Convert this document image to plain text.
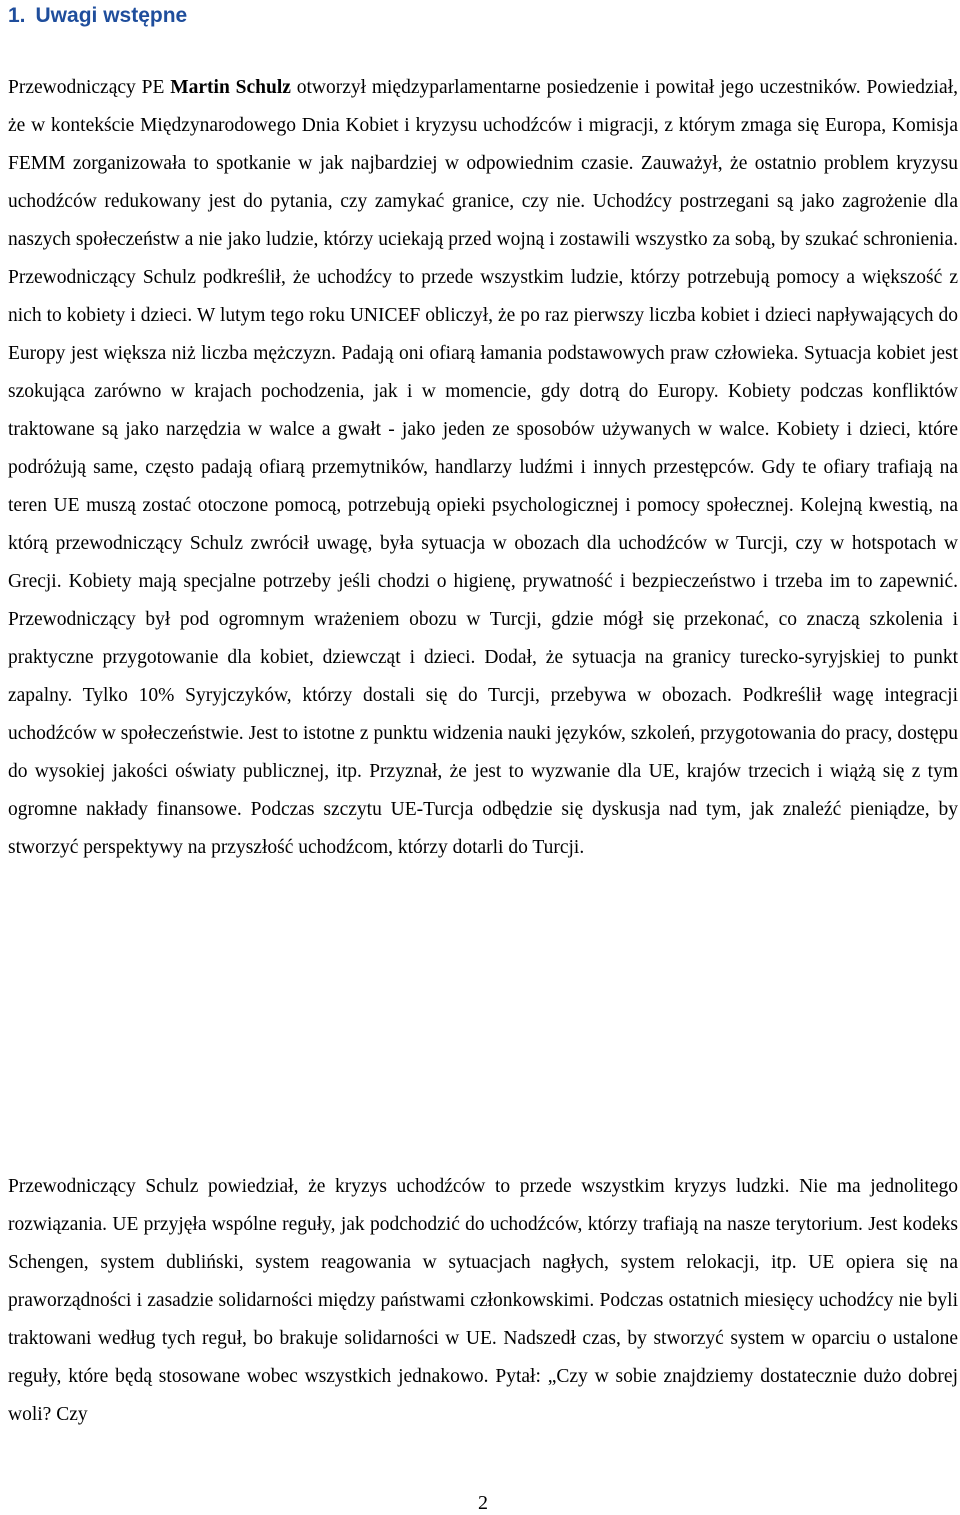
1. Uwagi wstępne

Przewodniczący PE Martin Schulz otworzył międzyparlamentarne posiedzenie i powitał jego uczestników. Powiedział, że w kontekście Międzynarodowego Dnia Kobiet i kryzysu uchodźców i migracji, z którym zmaga się Europa, Komisja FEMM zorganizowała to spotkanie w jak najbardziej w odpowiednim czasie. Zauważył, że ostatnio problem kryzysu uchodźców redukowany jest do pytania, czy zamykać granice, czy nie. Uchodźcy postrzegani są jako zagrożenie dla naszych społeczeństw a nie jako ludzie, którzy uciekają przed wojną i zostawili wszystko za sobą, by szukać schronienia. Przewodniczący Schulz podkreślił, że uchodźcy to przede wszystkim ludzie, którzy potrzebują pomocy a większość z nich to kobiety i dzieci. W lutym tego roku UNICEF obliczył, że po raz pierwszy liczba kobiet i dzieci napływających do Europy jest większa niż liczba mężczyzn. Padają oni ofiarą łamania podstawowych praw człowieka. Sytuacja kobiet jest szokująca zarówno w krajach pochodzenia, jak i w momencie, gdy dotrą do Europy. Kobiety podczas konfliktów traktowane są jako narzędzia w walce a gwałt - jako jeden ze sposobów używanych w walce. Kobiety i dzieci, które podróżują same, często padają ofiarą przemytników, handlarzy ludźmi i innych przestępców. Gdy te ofiary trafiają na teren UE muszą zostać otoczone pomocą, potrzebują opieki psychologicznej i pomocy społecznej. Kolejną kwestią, na którą przewodniczący Schulz zwrócił uwagę, była sytuacja w obozach dla uchodźców w Turcji, czy w hotspotach w Grecji. Kobiety mają specjalne potrzeby jeśli chodzi o higienę, prywatność i bezpieczeństwo i trzeba im to zapewnić. Przewodniczący był pod ogromnym wrażeniem obozu w Turcji, gdzie mógł się przekonać, co znaczą szkolenia i praktyczne przygotowanie dla kobiet, dziewcząt i dzieci. Dodał, że sytuacja na granicy turecko-syryjskiej to punkt zapalny. Tylko 10% Syryjczyków, którzy dostali się do Turcji, przebywa w obozach. Podkreślił wagę integracji uchodźców w społeczeństwie. Jest to istotne z punktu widzenia nauki języków, szkoleń, przygotowania do pracy, dostępu do wysokiej jakości oświaty publicznej, itp. Przyznał, że jest to wyzwanie dla UE, krajów trzecich i wiążą się z tym ogromne nakłady finansowe. Podczas szczytu UE-Turcja odbędzie się dyskusja nad tym, jak znaleźć pieniądze, by stworzyć perspektywy na przyszłość uchodźcom, którzy dotarli do Turcji.

Przewodniczący Schulz powiedział, że kryzys uchodźców to przede wszystkim kryzys ludzki. Nie ma jednolitego rozwiązania. UE przyjęła wspólne reguły, jak podchodzić do uchodźców, którzy trafiają na nasze terytorium. Jest kodeks Schengen, system dubliński, system reagowania w sytuacjach nagłych, system relokacji, itp. UE opiera się na praworządności i zasadzie solidarności między państwami członkowskimi. Podczas ostatnich miesięcy uchodźcy nie byli traktowani według tych reguł, bo brakuje solidarności w UE. Nadszedł czas, by stworzyć system w oparciu o ustalone reguły, które będą stosowane wobec wszystkich jednakowo. Pytał: „Czy w sobie znajdziemy dostatecznie dużo dobrej woli? Czy

2
